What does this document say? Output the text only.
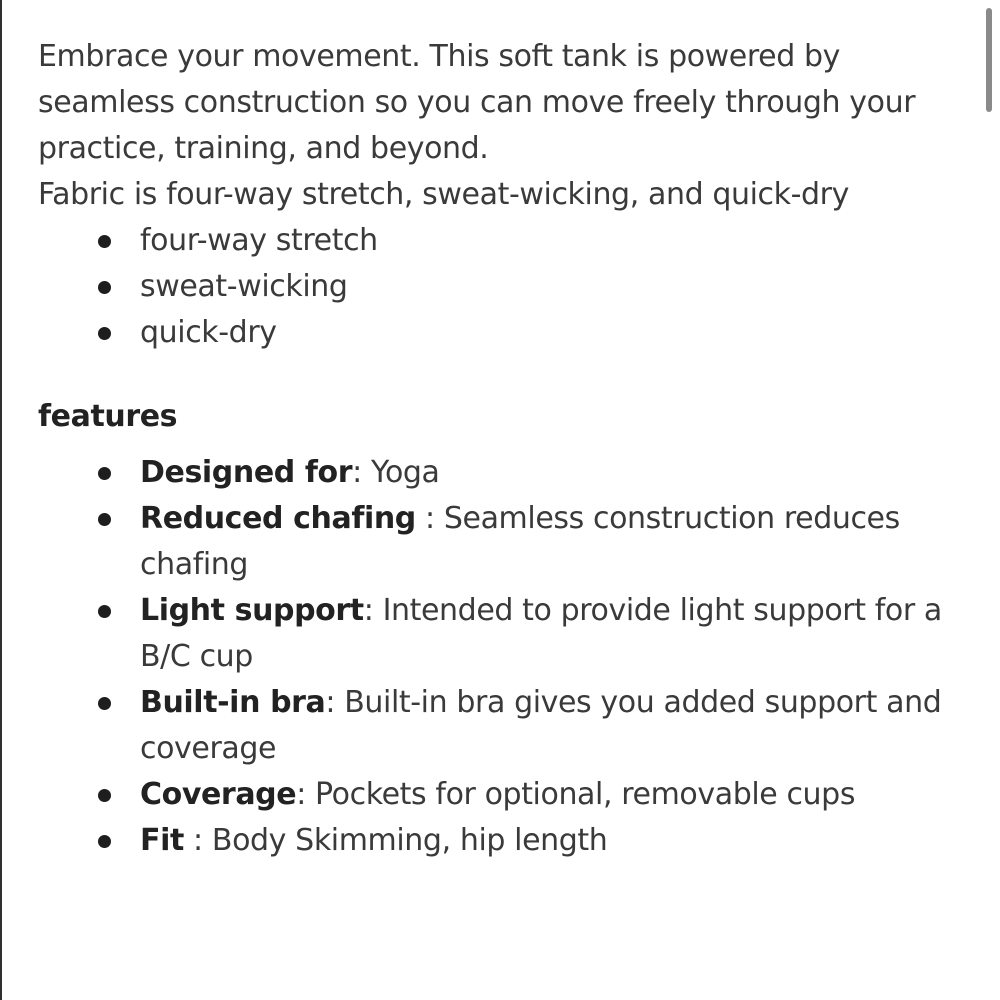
Embrace your movement. This soft tank is powered by seamless construction so you can move freely through your practice, training, and beyond.

Fabric is four-way stretch, sweat-wicking, and quick-dry

four-way stretch
sweat-wicking
quick-dry
features
Designed for: Yoga
Reduced chafing : Seamless construction reduces chafing
Light support: Intended to provide light support for a B/C cup
Built-in bra: Built-in bra gives you added support and coverage
Coverage: Pockets for optional, removable cups
Fit : Body Skimming, hip length
